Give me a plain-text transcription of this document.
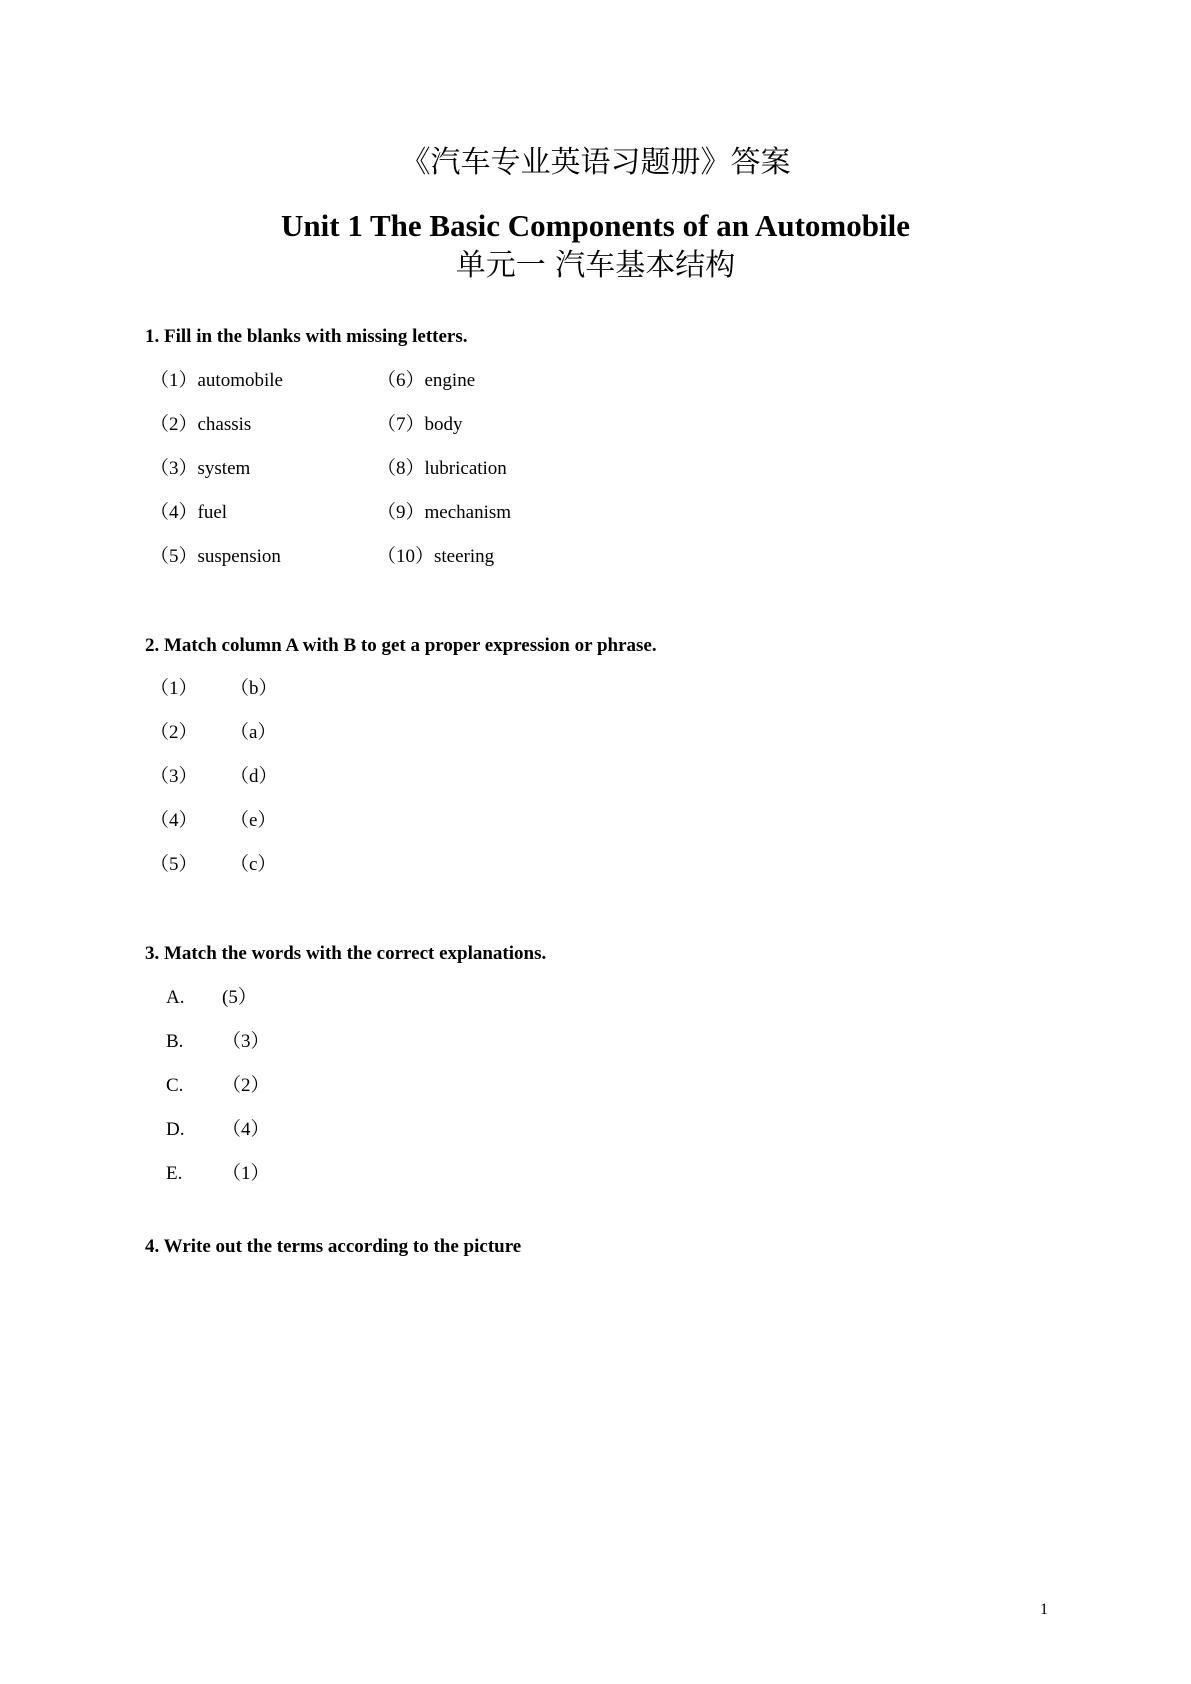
《汽车专业英语习题册》答案
Unit 1 The Basic Components of an Automobile
单元一 汽车基本结构
1. Fill in the blanks with missing letters.
（1）automobile	（6）engine
（2）chassis	（7）body
（3）system	（8）lubrication
（4）fuel	（9）mechanism
（5）suspension	（10）steering
2. Match column A with B to get a proper expression or phrase.
（1） （b）
（2） （a）
（3） （d）
（4） （e）
（5） （c）
3. Match the words with the correct explanations.
A. (5）
B. （3）
C. （2）
D. （4）
E. （1）
4. Write out the terms according to the picture
1
